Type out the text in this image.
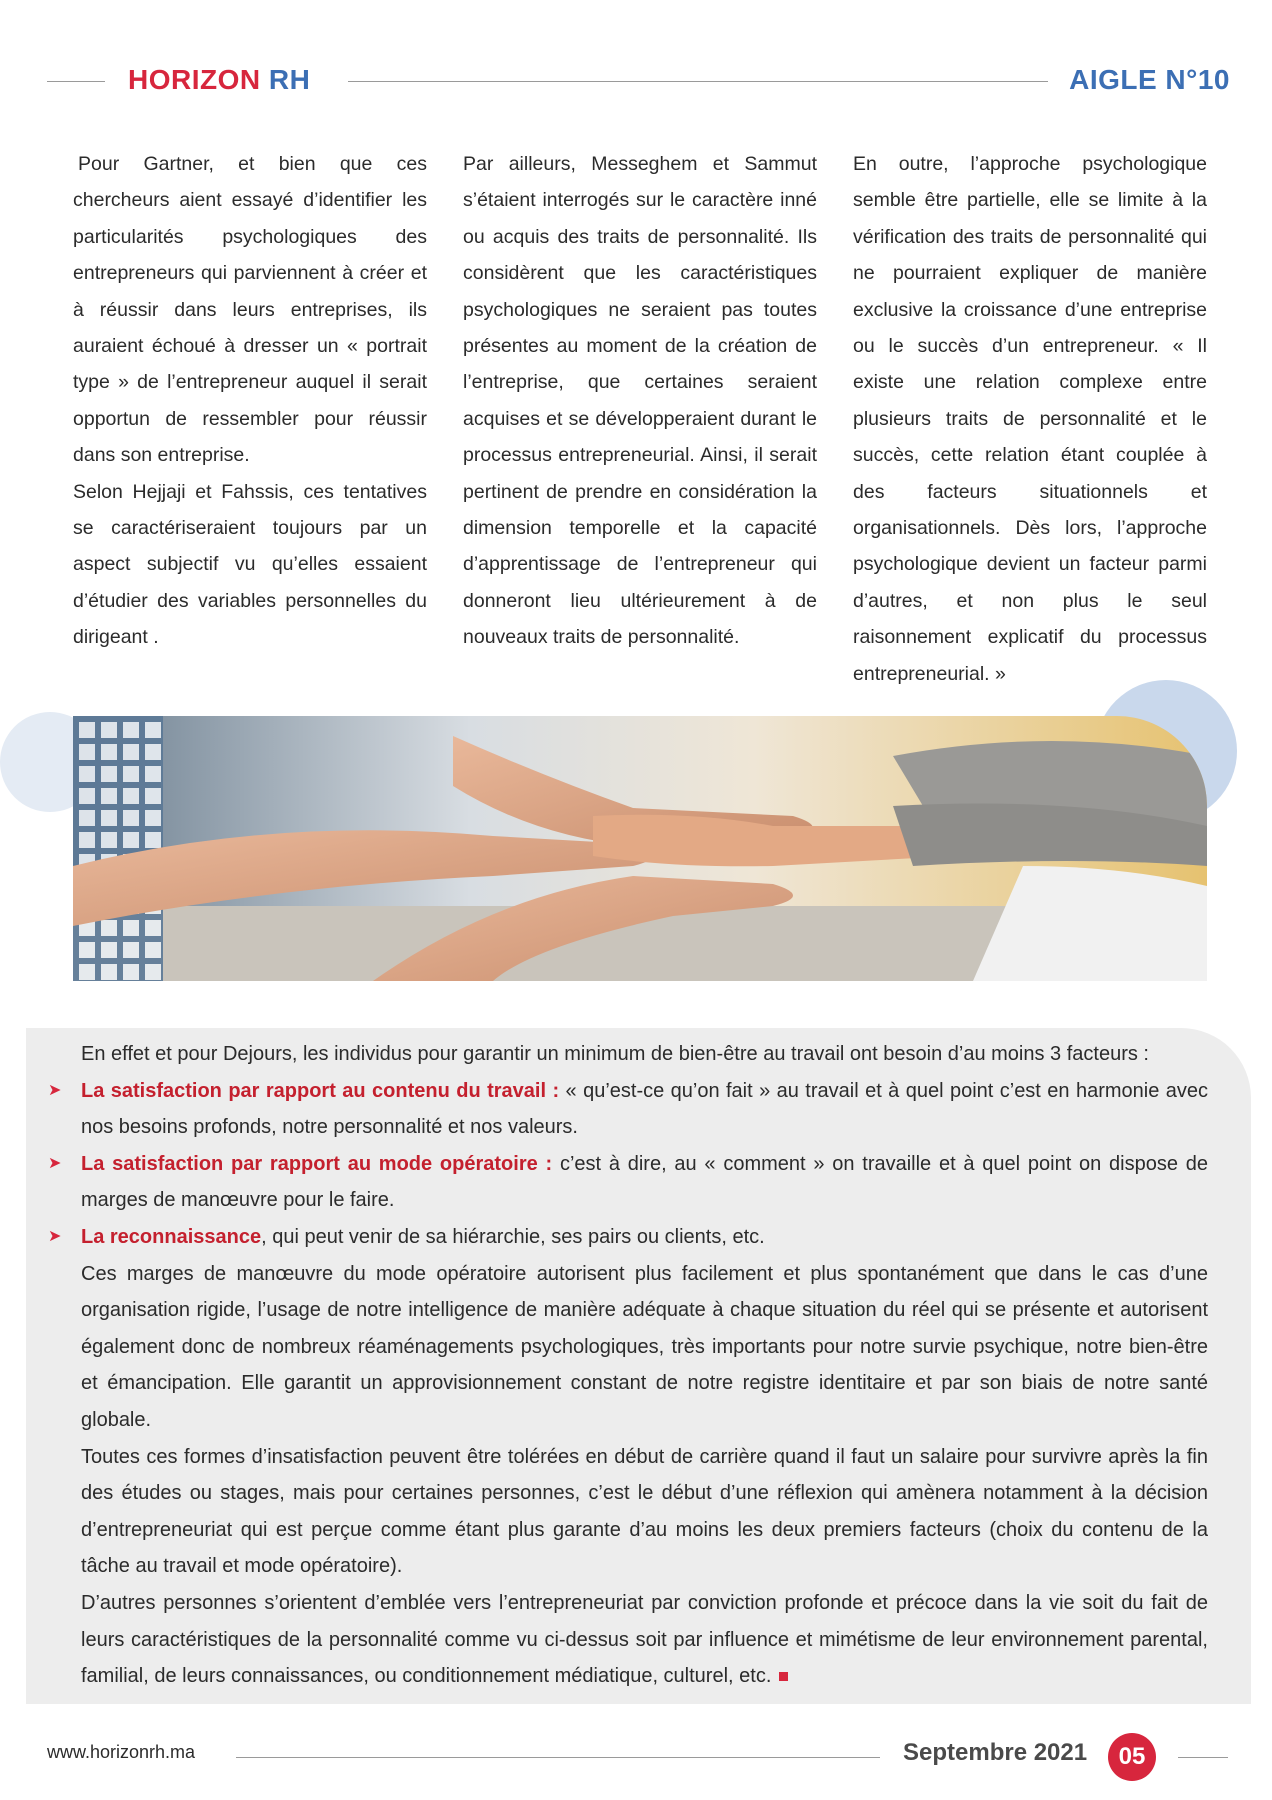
HORIZON RH	AIGLE N°10

Pour Gartner, et bien que ces chercheurs aient essayé d’identifier les particularités psychologiques des entrepreneurs qui parviennent à créer et à réussir dans leurs entreprises, ils auraient échoué à dresser un « portrait type » de l’entrepreneur auquel il serait opportun de ressembler pour réussir dans son entreprise.

Selon Hejjaji et Fahssis, ces tentatives se caractériseraient toujours par un aspect subjectif vu qu’elles essaient d’étudier des variables personnelles du dirigeant .

Par ailleurs, Messeghem et Sammut s’étaient interrogés sur le caractère inné ou acquis des traits de personnalité. Ils considèrent que les caractéristiques psychologiques ne seraient pas toutes présentes au moment de la création de l’entreprise, que certaines seraient acquises et se développeraient durant le processus entrepreneurial. Ainsi, il serait pertinent de prendre en considération la dimension temporelle et la capacité d’apprentissage de l’entrepreneur qui donneront lieu ultérieurement à de nouveaux traits de personnalité.

En outre, l’approche psychologique semble être partielle, elle se limite à la vérification des traits de personnalité qui ne pourraient expliquer de manière exclusive la croissance d’une entreprise ou le succès d’un entrepreneur. « Il existe une relation complexe entre plusieurs traits de personnalité et le succès, cette relation étant couplée à des facteurs situationnels et organisationnels. Dès lors, l’approche psychologique devient un facteur parmi d’autres, et non plus le seul raisonnement explicatif du processus entrepreneurial. »

En effet et pour Dejours, les individus pour garantir un minimum de bien-être au travail ont besoin d’au moins 3 facteurs :

➤ La satisfaction par rapport au contenu du travail : « qu’est-ce qu’on fait » au travail et à quel point c’est en harmonie avec nos besoins profonds, notre personnalité et nos valeurs.

➤ La satisfaction par rapport au mode opératoire : c’est à dire, au « comment » on travaille et à quel point on dispose de marges de manœuvre pour le faire.

➤ La reconnaissance, qui peut venir de sa hiérarchie, ses pairs ou clients, etc.

Ces marges de manœuvre du mode opératoire autorisent plus facilement et plus spontanément que dans le cas d’une organisation rigide, l’usage de notre intelligence de manière adéquate à chaque situation du réel qui se présente et autorisent également donc de nombreux réaménagements psychologiques, très importants pour notre survie psychique, notre bien-être et émancipation. Elle garantit un approvisionnement constant de notre registre identitaire et par son biais de notre santé globale.

Toutes ces formes d’insatisfaction peuvent être tolérées en début de carrière quand il faut un salaire pour survivre après la fin des études ou stages, mais pour certaines personnes, c’est le début d’une réflexion qui amènera notamment à la décision d’entrepreneuriat qui est perçue comme étant plus garante d’au moins les deux premiers facteurs (choix du contenu de la tâche au travail et mode opératoire).

D’autres personnes s’orientent d’emblée vers l’entrepreneuriat par conviction profonde et précoce dans la vie soit du fait de leurs caractéristiques de la personnalité comme vu ci-dessus soit par influence et mimétisme de leur environnement parental, familial, de leurs connaissances, ou conditionnement médiatique, culturel, etc.

www.horizonrh.ma	Septembre 2021	05
